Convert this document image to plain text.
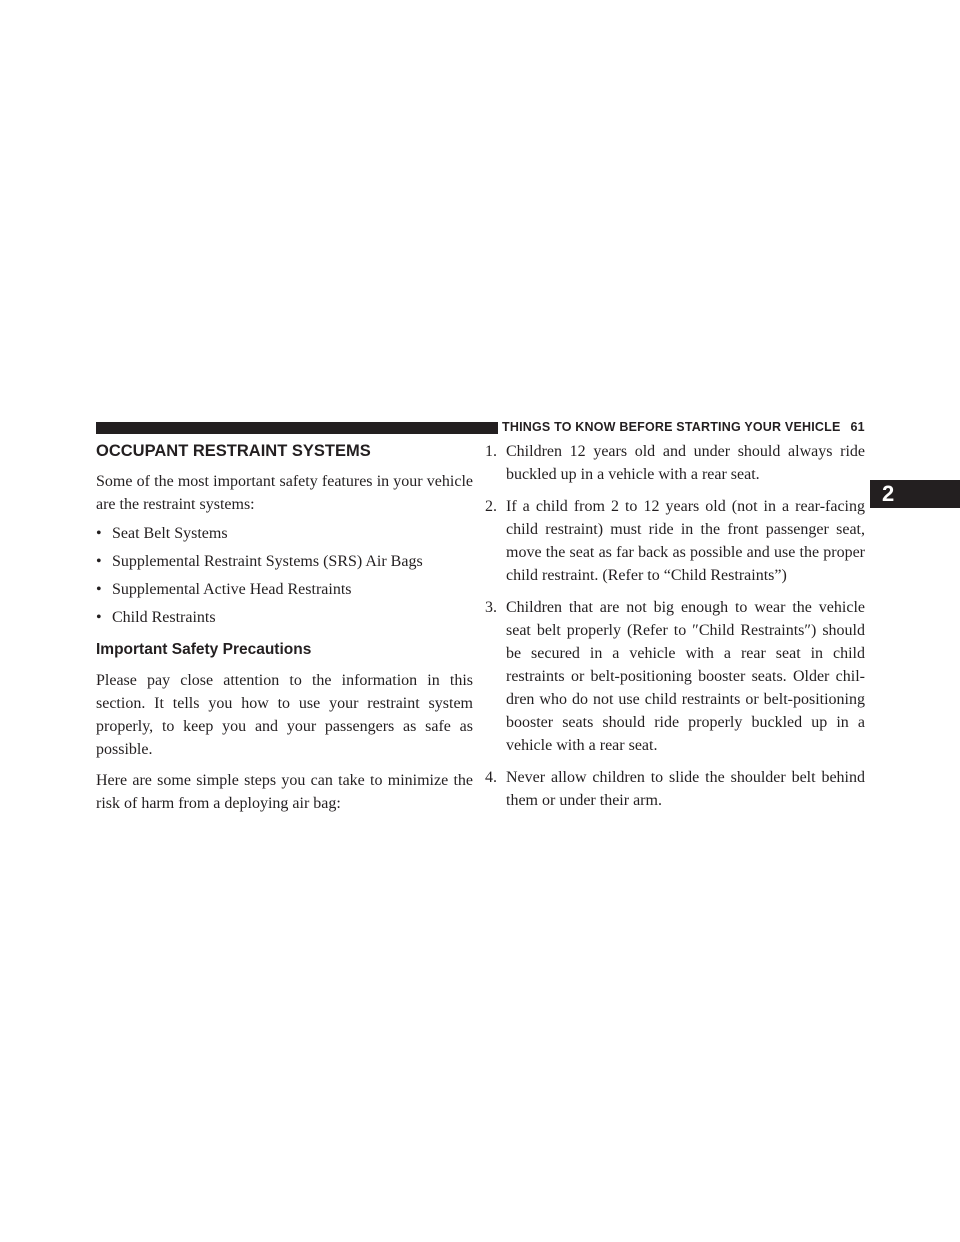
THINGS TO KNOW BEFORE STARTING YOUR VEHICLE 61
2
OCCUPANT RESTRAINT SYSTEMS

Some of the most important safety features in your vehicle are the restraint systems:

• Seat Belt Systems
• Supplemental Restraint Systems (SRS) Air Bags
• Supplemental Active Head Restraints
• Child Restraints
Important Safety Precautions

Please pay close attention to the information in this section. It tells you how to use your restraint system properly, to keep you and your passengers as safe as possible.

Here are some simple steps you can take to minimize the risk of harm from a deploying air bag:

1. Children 12 years old and under should always ride buckled up in a vehicle with a rear seat.
2. If a child from 2 to 12 years old (not in a rear-facing child restraint) must ride in the front passenger seat, move the seat as far back as possible and use the proper child restraint. (Refer to “Child Restraints”)
3. Children that are not big enough to wear the vehicle seat belt properly (Refer to ″Child Restraints″) should be secured in a vehicle with a rear seat in child restraints or belt-positioning booster seats. Older chil-dren who do not use child restraints or belt-positioning booster seats should ride properly buckled up in a vehicle with a rear seat.
4. Never allow children to slide the shoulder belt behind them or under their arm.
